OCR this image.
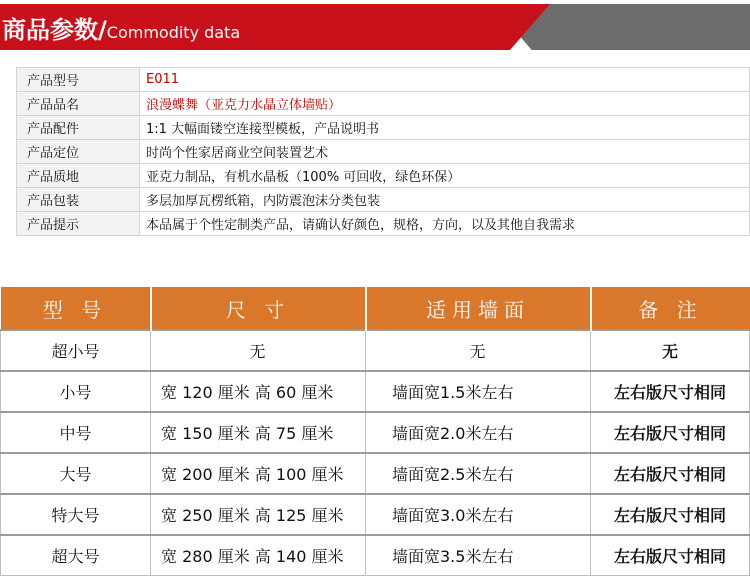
商品参数/Commodity data
产品型号	E011
产品品名	浪漫蝶舞（亚克力水晶立体墙贴）
产品配件	1:1 大幅面镂空连接型模板，产品说明书
产品定位	时尚个性家居商业空间装置艺术
产品质地	亚克力制品，有机水晶板（100% 可回收，绿色环保）
产品包装	多层加厚瓦楞纸箱，内防震泡沫分类包装
产品提示	本品属于个性定制类产品，请确认好颜色，规格，方向，以及其他自我需求
型 号	尺 寸	适用墙面	备 注
超小号	无	无	无
小号	宽 120 厘米 高 60 厘米	墙面宽1.5米左右	左右版尺寸相同
中号	宽 150 厘米 高 75 厘米	墙面宽2.0米左右	左右版尺寸相同
大号	宽 200 厘米 高 100 厘米	墙面宽2.5米左右	左右版尺寸相同
特大号	宽 250 厘米 高 125 厘米	墙面宽3.0米左右	左右版尺寸相同
超大号	宽 280 厘米 高 140 厘米	墙面宽3.5米左右	左右版尺寸相同
